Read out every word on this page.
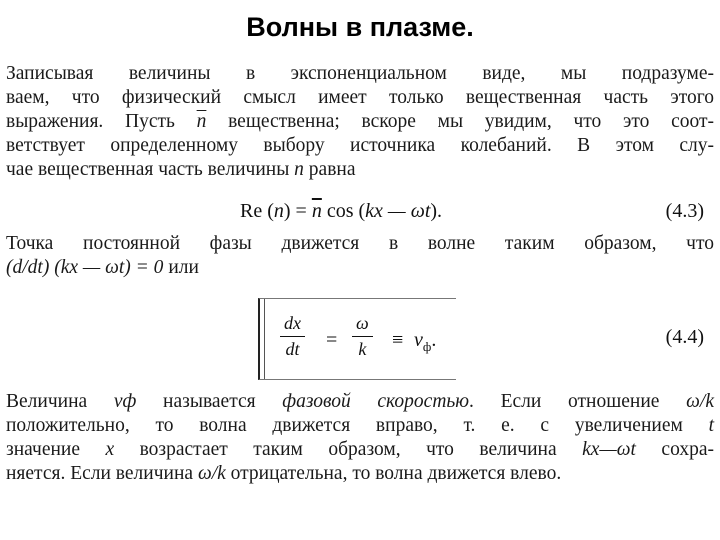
Волны в плазме.
Записывая величины в экспоненциальном виде, мы подразуме-
ваем, что физический смысл имеет только вещественная часть этого
выражения. Пусть $\overline{n}$ вещественна; вскоре мы увидим, что это соот-
ветствует определенному выбору источника колебаний. В этом слу-
чае вещественная часть величины n равна
Re $(n) = \overline{n}$ cos (kx — ωt).	(4.3)
Точка постоянной фазы движется в волне таким образом, что
(d/dt) (kx — ωt) = 0 или
dx
dt =
ω
k	≡ $v_ф$.	(4.4)
Величина vф называется фазовой скоростью. Если отношение ω/k
положительно, то волна движется вправо, т. е. с увеличением t
значение x возрастает таким образом, что величина kx—ωt сохра-
няется. Если величина ω/k отрицательна, то волна движется влево.
